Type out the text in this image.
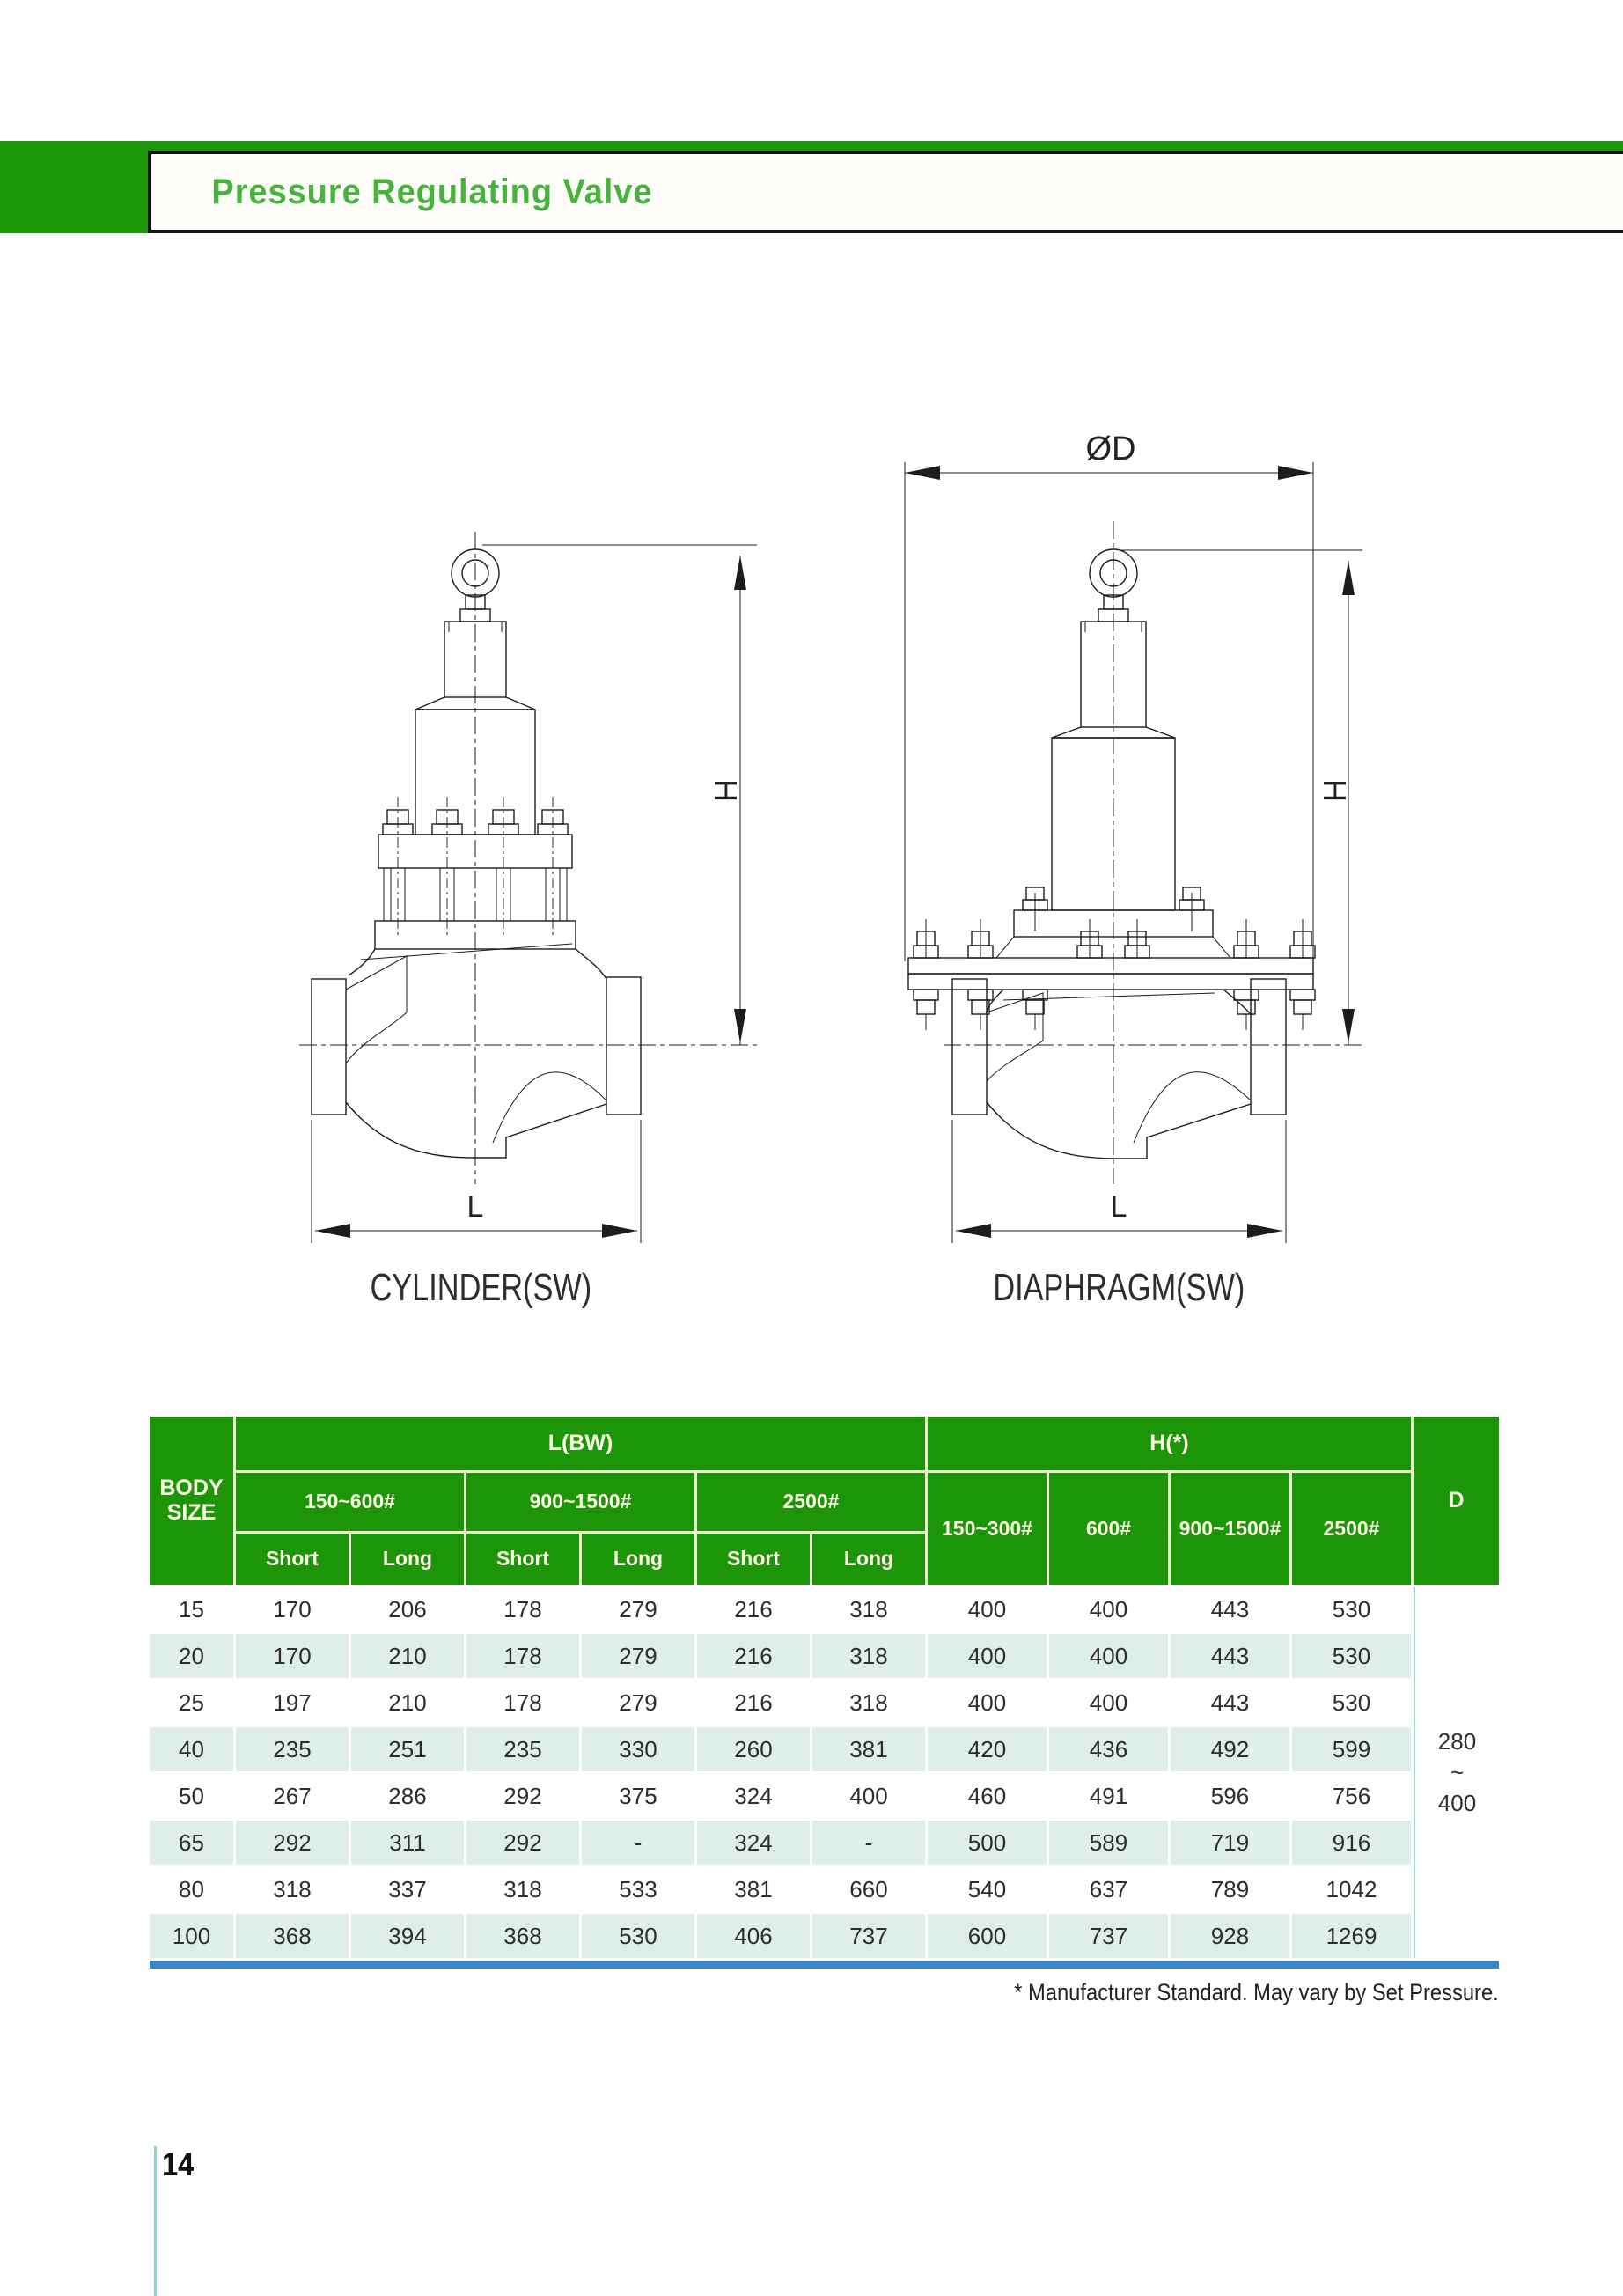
Pressure Regulating Valve
H
L
CYLINDER(SW)
ØD
H
L
DIAPHRAGM(SW)
BODY SIZE
L(BW)	H(*)
D
150~600#	900~1500#	2500#
150~300#	600#	900~1500#	2500#
Short	Long	Short	Long	Short	Long
280
~
400
15	170	206	178	279	216	318	400	400	443	530
20	170	210	178	279	216	318	400	400	443	530
25	197	210	178	279	216	318	400	400	443	530
40	235	251	235	330	260	381	420	436	492	599
50	267	286	292	375	324	400	460	491	596	756
65	292	311	292	-	324	-	500	589	719	916
80	318	337	318	533	381	660	540	637	789	1042
100	368	394	368	530	406	737	600	737	928	1269
* Manufacturer Standard. May vary by Set Pressure.
14
